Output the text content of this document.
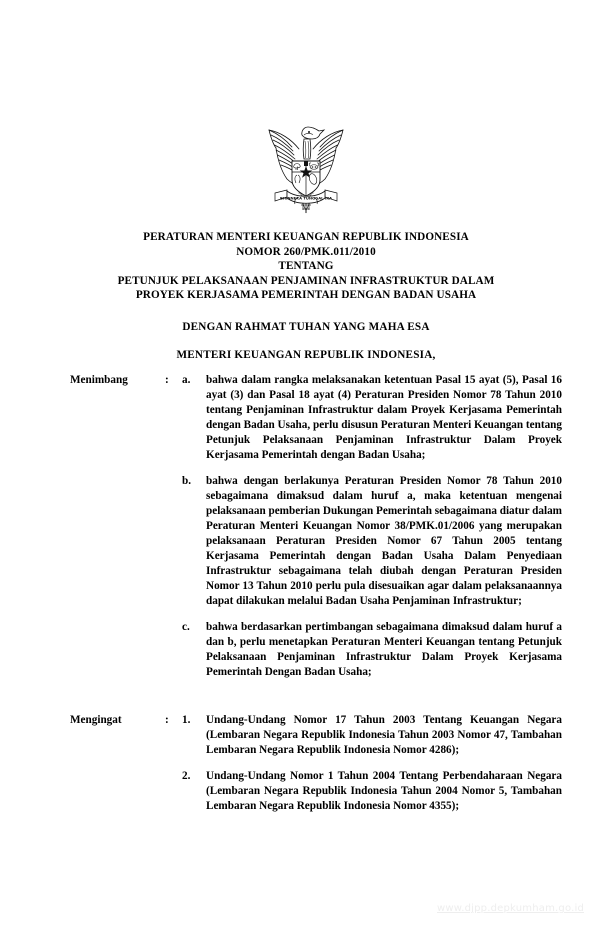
BHINNEKA TUNGGAL IKA
PERATURAN MENTERI KEUANGAN REPUBLIK INDONESIA
NOMOR 260/PMK.011/2010
TENTANG
PETUNJUK PELAKSANAAN PENJAMINAN INFRASTRUKTUR DALAM
PROYEK KERJASAMA PEMERINTAH DENGAN BADAN USAHA
DENGAN RAHMAT TUHAN YANG MAHA ESA
MENTERI KEUANGAN REPUBLIK INDONESIA,
Menimbang	:	a. bahwa dalam rangka melaksanakan ketentuan Pasal 15 ayat (5), Pasal 16 ayat (3) dan Pasal 18 ayat (4) Peraturan Presiden Nomor 78 Tahun 2010 tentang Penjaminan Infrastruktur dalam Proyek Kerjasama Pemerintah dengan Badan Usaha, perlu disusun Peraturan Menteri Keuangan tentang Petunjuk Pelaksanaan Penjaminan Infrastruktur Dalam Proyek Kerjasama Pemerintah dengan Badan Usaha;
b. bahwa dengan berlakunya Peraturan Presiden Nomor 78 Tahun 2010 sebagaimana dimaksud dalam huruf a, maka ketentuan mengenai pelaksanaan pemberian Dukungan Pemerintah sebagaimana diatur dalam Peraturan Menteri Keuangan Nomor 38/PMK.01/2006 yang merupakan pelaksanaan Peraturan Presiden Nomor 67 Tahun 2005 tentang Kerjasama Pemerintah dengan Badan Usaha Dalam Penyediaan Infrastruktur sebagaimana telah diubah dengan Peraturan Presiden Nomor 13 Tahun 2010 perlu pula disesuaikan agar dalam pelaksanaannya dapat dilakukan melalui Badan Usaha Penjaminan Infrastruktur;
c. bahwa berdasarkan pertimbangan sebagaimana dimaksud dalam huruf a dan b, perlu menetapkan Peraturan Menteri Keuangan tentang Petunjuk Pelaksanaan Penjaminan Infrastruktur Dalam Proyek Kerjasama Pemerintah Dengan Badan Usaha;
Mengingat	:	1. Undang-Undang Nomor 17 Tahun 2003 Tentang Keuangan Negara (Lembaran Negara Republik Indonesia Tahun 2003 Nomor 47, Tambahan Lembaran Negara Republik Indonesia Nomor 4286);
2. Undang-Undang Nomor 1 Tahun 2004 Tentang Perbendaharaan Negara (Lembaran Negara Republik Indonesia Tahun 2004 Nomor 5, Tambahan Lembaran Negara Republik Indonesia Nomor 4355);
www.djpp.depkumham.go.id
